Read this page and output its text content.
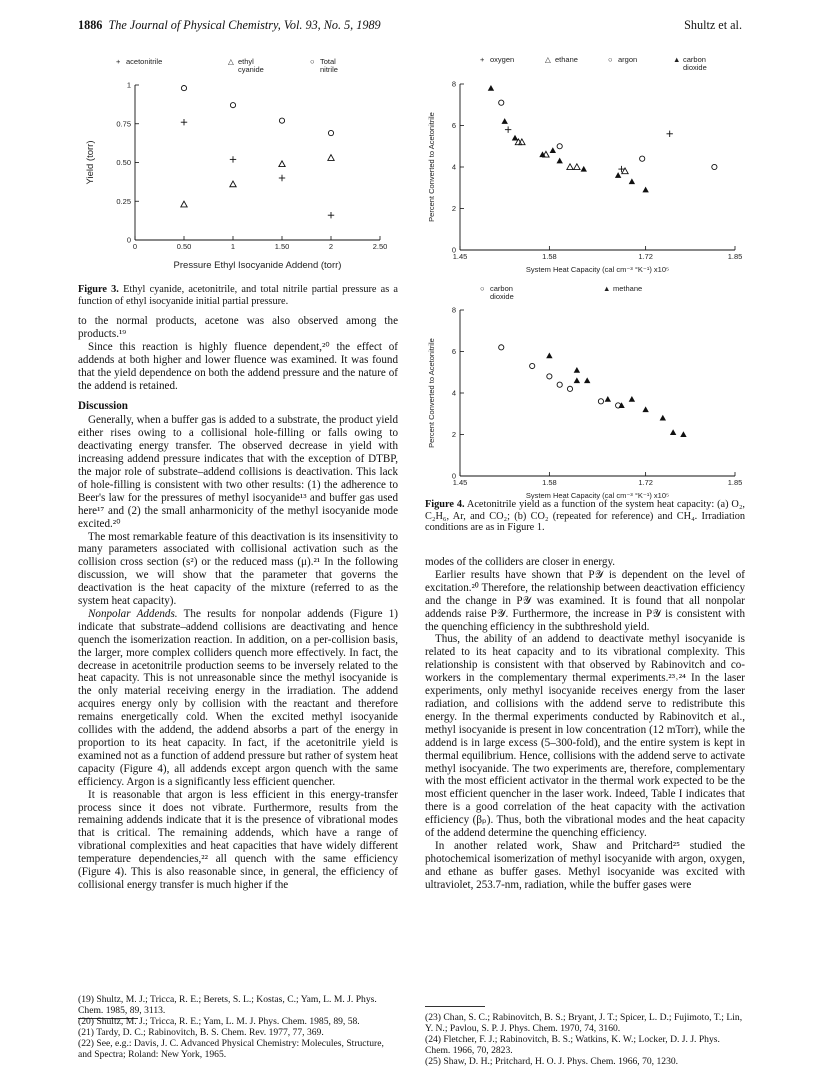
1886 The Journal of Physical Chemistry, Vol. 93, No. 5, 1989	Shultz et al.
0	0.50	1	1.50	2	2.50
0
0.25
0.50
0.75
1
Pressure Ethyl Isocyanide Addend (torr)
Yield (torr)
+ acetonitrile	△ ethyl
cyanide
○ Total
nitrile
Figure 3. Ethyl cyanide, acetonitrile, and total nitrile partial pressure as a function of ethyl isocyanide initial partial pressure.

to the normal products, acetone was also observed among the products.¹⁹

Since this reaction is highly fluence dependent,²⁰ the effect of addends at both higher and lower fluence was examined. It was found that the yield dependence on both the addend pressure and the nature of the addend is retained.

Discussion

Generally, when a buffer gas is added to a substrate, the product yield either rises owing to a collisional hole-filling or falls owing to deactivating energy transfer. The observed decrease in yield with increasing addend pressure indicates that with the exception of DTBP, the major role of substrate–addend collisions is deactivation. This lack of hole-filling is consistent with two other results: (1) the adherence to Beer's law for the pressures of methyl isocyanide¹³ and buffer gas used here¹⁷ and (2) the small anharmonicity of the methyl isocyanide mode excited.²⁰

The most remarkable feature of this deactivation is its insensitivity to many parameters associated with collisional activation such as the collision cross section (s²) or the reduced mass (μ).²¹ In the following discussion, we will show that the parameter that governs the deactivation is the heat capacity of the mixture (referred to as the system heat capacity).

Nonpolar Addends. The results for nonpolar addends (Figure 1) indicate that substrate–addend collisions are deactivating and hence quench the isomerization reaction. In addition, on a per-collision basis, the larger, more complex colliders quench more effectively. In fact, the decrease in acetonitrile production seems to be inversely related to the heat capacity. This is not unreasonable since the methyl isocyanide is the only material receiving energy in the irradiation. The addend acquires energy only by collision with the reactant and therefore remains energetically cold. When the excited methyl isocyanide collides with the addend, the addend absorbs a part of the energy in proportion to its heat capacity. In fact, if the acetonitrile yield is examined not as a function of addend pressure but rather of system heat capacity (Figure 4), all addends except argon quench with the same efficiency. Argon is a significantly less efficient quencher.

It is reasonable that argon is less efficient in this energy-transfer process since it does not vibrate. Furthermore, results from the remaining addends indicate that it is the presence of vibrational modes that is critical. The remaining addends, which have a range of vibrational complexities and heat capacities that have widely different temperature dependencies,²² all quench with the same efficiency (Figure 4). This is also reasonable since, in general, the efficiency of collisional energy transfer is much higher if the

(19) Shultz, M. J.; Tricca, R. E.; Berets, S. L.; Kostas, C.; Yam, L. M. J. Phys. Chem. 1985, 89, 3113.
(20) Shultz, M. J.; Tricca, R. E.; Yam, L. M. J. Phys. Chem. 1985, 89, 58.
(21) Tardy, D. C.; Rabinovitch, B. S. Chem. Rev. 1977, 77, 369.
(22) See, e.g.: Davis, J. C. Advanced Physical Chemistry: Molecules, Structure, and Spectra; Roland: New York, 1965.
1.45	1.58	1.72	1.85
0
2
4
6
8
System Heat Capacity (cal cm⁻³ °K⁻¹) x10⁵
Percent Converted to Acetonitrile
+ oxygen	△ ethane	○ argon	▲ carbon
dioxide
1.45	1.58	1.72	1.85
0
2
4
6
8
System Heat Capacity (cal cm⁻³ °K⁻¹) x10⁵
Percent Converted to Acetonitrile
○ carbon
dioxide
▲ methane
Figure 4. Acetonitrile yield as a function of the system heat capacity: (a) O₂, C₂H₆, Ar, and CO₂; (b) CO₂ (repeated for reference) and CH₄. Irradiation conditions are as in Figure 1.

modes of the colliders are closer in energy.

Earlier results have shown that P𝒴 is dependent on the level of excitation.²⁰ Therefore, the relationship between deactivation efficiency and the change in P𝒴 was examined. It is found that all nonpolar addends raise P𝒴. Furthermore, the increase in P𝒴 is consistent with the quenching efficiency in the subthreshold yield.

Thus, the ability of an addend to deactivate methyl isocyanide is related to its heat capacity and to its vibrational complexity. This relationship is consistent with that observed by Rabinovitch and co-workers in the complementary thermal experiments.²³˒²⁴ In the laser experiments, only methyl isocyanide receives energy from the laser radiation, and collisions with the addend serve to redistribute this energy. In the thermal experiments conducted by Rabinovitch et al., methyl isocyanide is present in low concentration (12 mTorr), while the addend is in large excess (5–300-fold), and the entire system is kept in thermal equilibrium. Hence, collisions with the addend serve to activate methyl isocyanide. The two experiments are, therefore, complementary with the most efficient activator in the thermal work expected to be the most efficient quencher in the laser work. Indeed, Table I indicates that there is a good correlation of the heat capacity with the activation efficiency (βₚ). Thus, both the vibrational modes and the heat capacity of the addend determine the quenching efficiency.

In another related work, Shaw and Pritchard²⁵ studied the photochemical isomerization of methyl isocyanide with argon, oxygen, and ethane as buffer gases. Methyl isocyanide was excited with ultraviolet, 253.7-nm, radiation, while the buffer gases were

(23) Chan, S. C.; Rabinovitch, B. S.; Bryant, J. T.; Spicer, L. D.; Fujimoto, T.; Lin, Y. N.; Pavlou, S. P. J. Phys. Chem. 1970, 74, 3160.
(24) Fletcher, F. J.; Rabinovitch, B. S.; Watkins, K. W.; Locker, D. J. J. Phys. Chem. 1966, 70, 2823.
(25) Shaw, D. H.; Pritchard, H. O. J. Phys. Chem. 1966, 70, 1230.
